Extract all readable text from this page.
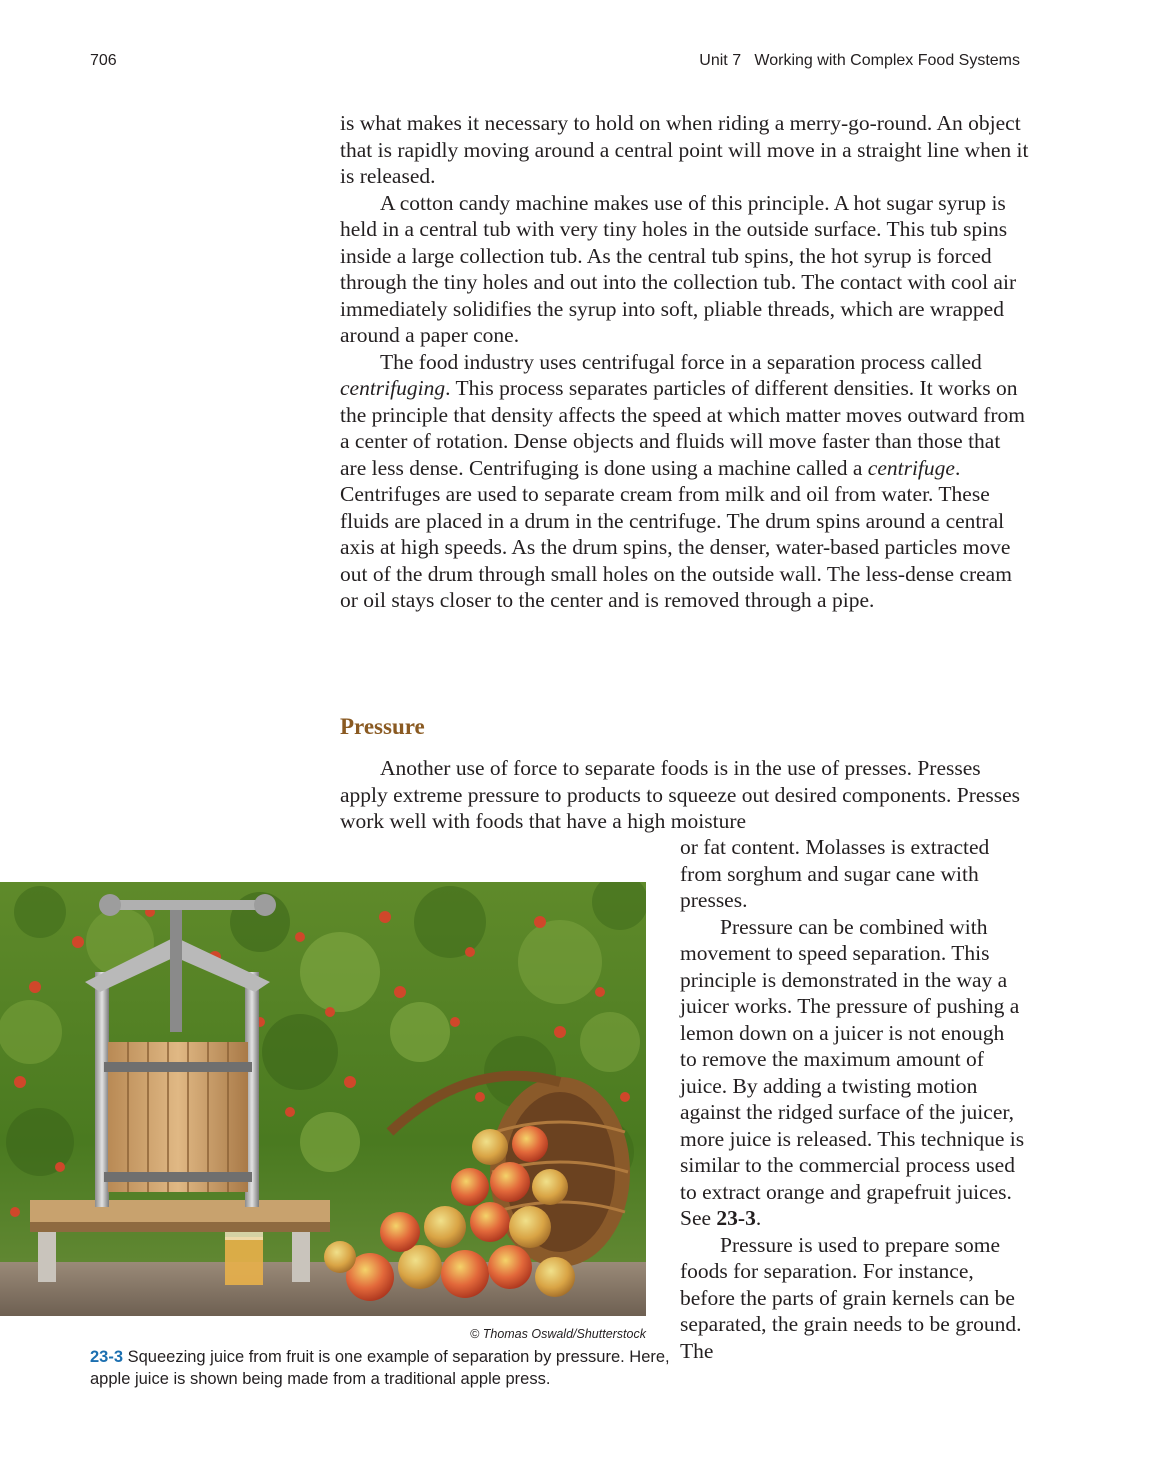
706	Unit 7   Working with Complex Food Systems

is what makes it necessary to hold on when riding a merry-go-round. An object that is rapidly moving around a central point will move in a straight line when it is released.

A cotton candy machine makes use of this principle. A hot sugar syrup is held in a central tub with very tiny holes in the outside surface. This tub spins inside a large collection tub. As the central tub spins, the hot syrup is forced through the tiny holes and out into the collection tub. The contact with cool air immediately solidifies the syrup into soft, pliable threads, which are wrapped around a paper cone.

The food industry uses centrifugal force in a separation process called centrifuging. This process separates particles of different densities. It works on the principle that density affects the speed at which matter moves outward from a center of rotation. Dense objects and fluids will move faster than those that are less dense. Centrifuging is done using a machine called a centrifuge. Centrifuges are used to separate cream from milk and oil from water. These fluids are placed in a drum in the centrifuge. The drum spins around a central axis at high speeds. As the drum spins, the denser, water-based particles move out of the drum through small holes on the outside wall. The less-dense cream or oil stays closer to the center and is removed through a pipe.

Pressure

Another use of force to separate foods is in the use of presses. Presses apply extreme pressure to products to squeeze out desired components. Presses work well with foods that have a high moisture

or fat content. Molasses is extracted from sorghum and sugar cane with presses.

Pressure can be combined with movement to speed separation. This principle is demonstrated in the way a juicer works. The pressure of pushing a lemon down on a juicer is not enough to remove the maximum amount of juice. By adding a twisting motion against the ridged surface of the juicer, more juice is released. This technique is similar to the commercial process used to extract orange and grapefruit juices. See 23-3.

Pressure is used to prepare some foods for separation. For instance, before the parts of grain kernels can be separated, the grain needs to be ground. The

© Thomas Oswald/Shutterstock
23-3 Squeezing juice from fruit is one example of separation by pressure. Here, apple juice is shown being made from a traditional apple press.
